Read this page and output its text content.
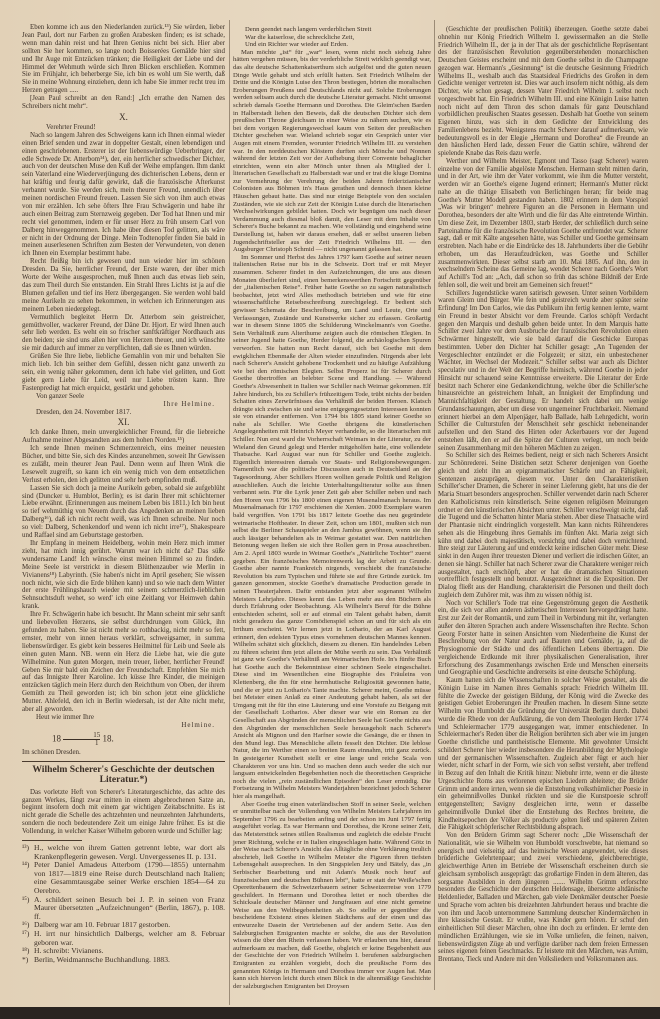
Eben komme ich aus den Niederlanden zurück.¹³) Sie würden, lieber Jean Paul, dort nur Farben zu großen Arabesken finden; es ist schade, wenn man dahin reist und hat Ihren Genius nicht bei sich. Hier aber sollten Sie her kommen, so lange noch Boisserées Gemälde hier sind und Ihr Auge mit Entzücken tränken; die Heiligkeit der Liebe und der Himmel der Wehmuth würde sich Ihren Blicken erschließen. Kommen Sie im Frühjahr, ich beherberge Sie, ich bin es wohl um Sie werth, daß Sie in meine Wohnung einziehen, denn ich habe Sie immer recht treu im Herzen getragen .....

[Jean Paul schreibt an den Rand:] „Ich errathe den Namen des Schreibers nicht mehr“.

X.

Verehrter Freund!

Nach so langem Jahren des Schweigens kann ich Ihnen einmal wieder einen Brief senden und zwar in doppelter Gestalt, einen lebendigen und einen geschriebenen. Ersterer ist der liebenswürdige Ueberbringer, der edle Schwede Dr. Atterbom¹⁴), der, ein herrlicher schwedischer Dichter, auch von der deutschen Muse den Kuß der Weihe empfangen. Ihm dankt sein Vaterland eine Wiederverjüngung des dichterischen Lebens, denn er hat kräftig und feurig dafür gewirkt, daß die französische Afterkunst verbannt wurde. Sie werden sich, mein theurer Freund, unendlich über meinen nordischen Freund freuen. Lassen Sie sich von ihm auch etwas von mir erzählen. Ich sehe öfters Ihre Frau Schwägerin und habe ihr auch einen Beitrag zum Sternzweig gegeben. Der Tod hat Ihnen und mir recht viel genommen, indem er für unser Herz zu früh unsern Carl von Dalberg hinweggenommen. Ich habe über diesen Tod gelitten, als wäre er nicht in der Ordnung der Dinge. Mein Todtenopfer finden Sie bald in meinen auserlesenen Schriften zum Besten der Verwundeten, von denen ich Ihnen ein Exemplar bestimmt habe.

Recht fleißig bin ich gewesen und nun wieder hier im schönen Dresden. Da Sie, herrlicher Freund, der Erste waren, der über mich Worte der Weihe ausgesprochen, muß Ihnen auch das etwas lieb sein, das zum Theil durch Sie entstanden. Ein Strahl Ihres Lichts ist ja auf die Blumen gefallen und tief ins Herz übergegangen. Sie werden wohl bald meine Aurikeln zu sehen bekommen, in welchen ich Erinnerungen aus meinem Leben niedergelegt.

Vermuthlich begleitet Herrn Dr. Atterbom sein geistreicher, gemüthvoller, wackerer Freund, der Däne Dr. Hjort. Er wird Ihnen auch sehr lieb werden. Es weht ein so frischer sanftkräftiger Nordhauch aus den beiden; sie sind uns allen hier von Herzen theuer, und ich wünschte sie mir dadurch auf immer zu verpflichten, daß sie es Ihnen würden.

Grüßen Sie Ihre liebe, liebliche Gemahlin von mir und behalten Sie mich lieb. Ich bin seither dem Gefühl, dessen nicht ganz unwerth zu sein, ein wenig näher gekommen, denn ich habe viel gelitten, und Gott giebt gern Liebe für Leid, weil nur Liebe trösten kann. Ihre Fastenpredigt hat mich erquickt, gestärkt und gehoben.

Von ganzer Seele

Ihre Helmine.

Dresden, den 24. November 1817.

XI.

Ich danke Ihnen, mein unvergleichlicher Freund, für die liebreiche Aufnahme meiner Abgesandten aus dem hohen Norden.¹⁵)

Ich sende Ihnen meinen Schmerzenreich, eins meiner neuesten Bücher, und bitte Sie, sich des Kindes anzunehmen, soweit Ihr Gewissen es zuläßt, mein theurer Jean Paul. Denn wenn auf Ihren Wink die Lesewelt zugreift, so kann ich ein wenig mich von dem entsetzlichen Verlust erholen, den ich gelitten und sehr herb empfinden muß.

Lassen Sie sich doch ja meine Aurikeln geben, sobald sie aufgeblüht sind (Duncker u. Humblot, Berlin); es ist darin Ihrer mit schüchterner Liebe erwähnt. (Erinnerungen aus meinem Leben bis 1811.) Ich bin heut so tief wehmüthig von Neuem durch das Angedenken an meinen lieben Dalberg¹⁶), daß ich nicht recht weiß, was ich Ihnen schreibe. Nur noch so viel: Dalberg, Schenkendorf und wenn ich nicht irre¹⁷), Shakespeare und Raffael sind am Geburtstage gestorben.

Ihr Empfang in meinem Heidelberg, wohin mein Herz mich immer zieht, hat mich innig gerührt. Warum war ich nicht da? Das süße wundersame Land! Ich wünsche einst meinen Himmel so zu finden. Meine Seele ist verstrickt in diesem Blüthenzauber wie Merlin in Vivianens¹⁸) Labyrinth. (Sie haben's nicht im April gesehen; Sie wissen noch nicht, wie sich die Erde blühen kann) und so wie nach dem Winter der erste Frühlingshauch wieder mit seinem schmerzlich-lieblichen Sehnsuchtsduft wehet, so werd' ich eine Zeitlang vor Heimweh dahin krank.

Ihre Fr. Schwägerin habe ich besucht. Ihr Mann scheint mir sehr sanft und liebevollen Herzens, sie selbst durchdrungen vom Glück, ihn gefunden zu haben. Sie ist nicht mehr so rothbackig, nicht mehr so fett, ernster, mehr von innen heraus verklärt, schweigsamer, in summa liebenswürdiger. Es giebt kein besseres Heilmittel für Leib und Seele als einen guten Mann. NB. wenn ein Herz die Liebe hat, wie die gute Wilhelmine. Nun guten Morgen, mein treuer, lieber, herrlicher Freund! Geben Sie mir bald ein Zeichen der Freundschaft. Empfehlen Sie mich auf das Innigste Ihrer Karoline. Ich küsse Ihre Kinder, die meinigen entzücken täglich mein Herz durch den Reichthum von Oben, der ihrem Gemüth zu Theil geworden ist; ich bin schon jetzt eine glückliche Mutter. Ahlefeld, den ich in Berlin wiedersah, ist der Alte nicht mehr, aber all geworden.

Heut wie immer Ihre

Helmine.

$18 \frac{15}{1} 18$.

Im schönen Dresden.

Wilhelm Scherer's Geschichte der deutschen Literatur.*)

Das vorletzte Heft von Scherer's Literaturgeschichte, das achte des ganzen Werkes, fängt zwar mitten in einem abgebrochenen Satze an, beginnt insofern doch mit einem gar wichtigen Zeitabschnitte. Es ist nicht gerade die Schelle des achtzehnten und neunzehnten Jahrhunderts, sondern die noch bedeutendere Zeit um einige Jahre früher. Es ist die Vollendung, in welcher Kaiser Wilhelm geboren wurde und Schiller lag:

¹³) H., welche von ihrem Gatten getrennt lebte, war dort als Krankenpflegerin gewesen. Vergl. Unvergessenes II. p. 131.

¹⁴) Peter Daniel Amadeus Atterbom (1790—1855) unternahm von 1817—1819 eine Reise durch Deutschland nach Italien; eine Gesammtausgabe seiner Werke erschien 1854—64 zu Oerebro.

¹⁵) A. schildert seinen Besuch bei J. P. in seinen von Franz Maurer übersetzten „Aufzeichnungen“ (Berlin, 1867), p. 108. ff.

¹⁶) Dalberg war am 10. Februar 1817 gestorben.

¹⁷) H. irrt nur hinsichtlich Dalbergs, welcher am 8. Februar geboren war.

¹⁸) H. schreibt: Vivianens.

*) Berlin, Weidmannsche Buchhandlung. 1883.

Denn geendet nach langem verderblichen Streit

War die kaiserlose, die schreckliche Zeit,

Und ein Richter war wieder auf Erden.

Man möchte „ist“ für „war“ lesen, wenn nicht noch siebzig Jahre hätten vergehen müssen, bis der verderbliche Streit wirklich geendigt war, das alte deutsche Schattenkaiserthum sich aufgelöst und die guten neuen Dinge Weile gehabt und sich erfüllt hatten. Seit Friedrich Wilhelm der Dritte und die Königin Luise den Thron bestiegen, hörten die moralischen Eroberungen Preußens und Deutschlands nicht auf. Solche Eroberungen werden seltsam auch durch die deutsche Literatur gemacht. Nicht umsonst schrieb damals Goethe Hermann und Dorothea. Die Gleim'schen Barden in Halberstadt liehen den Beweis, daß die deutschen Dichter sich dem preußischen Throne gleichsam in einer Weise zu nähern suchen, wie es bei dem vorigen Regierungswechsel kaum von Seiten der preußischen Dichter geschehen war. Wieland schrieb sogar ein Gespräch unter vier Augen mit einem Fremden, worunter Friedrich Wilhelm III. zu verstehen war. In den norddeutschen Klöstern durften sich Mönche und Nonnen während der letzten Zeit vor der Aufhebung ihrer Convente behaglicher einrichten, wenn ein alter Mönch unter ihnen als Mitglied der l. literarischen Gesellschaft zu Halberstadt war und er trat die kluge Domina zur Vermehrung der Verehrung der beiden Jahren friderizianischer Colonisten aus Böhmen in's Haus gerathen und dennoch ihnen kleine Häuschen gebaut hatte. Das sind nur einige Beispiele von den socialen Zuständen, wie sie sich zur Zeit der Königin Luise durch die literarischen Wechselwirkungen gebildet hatten. Doch wir begnügen uns nach dieser Verdammung auch diesmal bloß damit, den Leser mit dem Inhalte von Scherer's Buche bekannt zu machen. Wie vollständig und eingehend seine Darstellung ist, haben wir daraus ersehen, daß er selbst unseren lieben Jugendschriftsteller aus der Zeit Friedrich Wilhelms III. — den Augsburger Christoph Schmid — nicht ungenannt gelassen hat.

Im Sommer und Herbst des Jahres 1797 kam Goethe auf seiner neuen italienischen Reise nur bis in die Schweiz. Dort traf er mit Meyer zusammen. Scherer findet in den Aufzeichnungen, die uns aus diesen Monaten überliefert sind, einen bemerkenswerthen Fortschritt gegenüber der „italienischen Reise“. Früher hatte Goethe so zu sagen naturalistisch beobachtet, jetzt wird Alles methodisch betrieben und wie für eine wissenschaftliche Reisebeschreibung zurechtgelegt. Er bedient sich gewisser Schemata der Beschreibung, um Land und Leute, Orte und Verfassungen, Zustände und Kunstwerke sicher zu erfassen. Großartig war in diesem Sinne 1805 die Schilderung Winckelmann's von Goethe. Sein Verhältniß zum Alterthume zeigten auch die römischen Elegien. In seiner Jugend hatte Goethe, Herder folgend, die archäologischen Spuren verworfen. Sie hatten nun Recht darauf, sich bei Goethe mit dem ewigklichen Ebenmaße der Alten wieder einzufinden. Nirgends aber lebt nach Scherer's Ansicht gehobene Trockenheit und zu häufige Aufzählung wie bei den römischen Elegien. Selbst Properz ist für Scherer durch Goethe übertroffen an belebter Scene und Handlung. — Während Goethe's Abwesenheit in Italien war Schiller nach Weimar gekommen. Elf Jahre hindurch, bis zu Schiller's frühzeitigem Tode, trübt nichts der beiden Schatten eines Zerwürfnisses das Verhältniß der beiden Heroen. Klatsch drängte sich zwischen sie und seine entgegengesetzten Interessen konnten sie von einander entfernen. Von 1794 bis 1805 stand keiner Goethe so nahe als Schiller. Wie Goethe übrigens die künstlerischen Angelegenheiten mit Heinrich Meyer verhandelte, so die literarischen mit Schiller. Nun erst ward die Vorherrschaft Weimars in der Literatur, zu der Wieland den Grund gelegt und Herder mitgeholfen hatte, eine vollendete Thatsache. Karl August war nun für Schiller und Goethe zugleich. Eigentlich interessiren damals vor Staats- und Religionsbewegungen. Namentlich war die politische Discussion auch in Deutschland an der Tagesordnung. Aber Schillers Horen wollten gerade Politik und Religion ausschließen. Auch die leichte Unterhaltungsliteratur sollte aus ihnen verbannt sein. Für die Lyrik jener Zeit gab aber Schiller neben und nach den Horen von 1796 bis 1800 einen eigenen Musenalmanach heraus. Im Musenalmanach für 1797 erschienen die Xenien. 2000 Exemplare waren bald vergriffen. Von 1791 bis 1817 leitete Goethe das neu gegründete weimarische Hoftheater. In dieser Zeit, schon um 1801, mußten sich nun selbst die Berliner Schauspieler an den Jambus gewöhnen, wenn sie ihn auch lässiger behandelten als in Weimar gestattet war. Den natürlichen Betonung wegen ließen sie sich ihre Rollen gern in Prosa ausschreiben. Am 2. April 1803 wurde in Weimar Goethe's „Natürliche Tochter“ zuerst gegeben. Ein französisches Memoirenwerk lag der Arbeit zu Grunde. Goethe aber nannte Frankreich nirgends, verschiebt die französische Revolution bis zum Typischen und führte sie auf ihre Gründe zurück. Im ganzen genommen, stockte Goethe's dramatische Production gerade in seinen Theaterjahren. Dafür entstanden jetzt aber sogenannt Wilhelm Meisters Lehrjahre. Dieses kennt das Leben mehr aus den Büchern als durch Erfahrung oder Beobachtung. Als Wilhelm's Beruf für die Bühne entschieden scheint, soll er auf einmal ein Talent gehabt haben, damit nicht geradezu das ganze Comödienspiel schon an und für sich als ein Irrthum erscheint. Wir lernen jetzt in Lothario, der an Karl August erinnert, den edelsten Typus eines vornehmen deutschen Mannes kennen. Wilhelm schätzt sich glücklich, diesem zu dienen. Ein handelndes Leben zu führen scheint ihm jetzt allein der Mühe werth zu sein. Das Verhältniß ist ganz wie Goethe's Verhältniß am Weimarischen Hofe. In's fünfte Buch hat Goethe auch die Bekenntnisse einer schönen Seele eingeschaltet. Diese sind im Wesentlichen eine Biographie des Fräuleins von Klettenberg, die ihn für eine herrnhutische Religiosität gewonnen hatte, und die er jetzt zu Lothario's Tante machte. Scherer meint, Goethe müsse bei Meister einen Anlaß zu einer Andeutung gehabt haben, als sei der Umgang mit ihr für ihn eine Läuterung und eine Vorstufe zu Beigang mit der Gesellschaft Lotharios. Aber dieser war wie ein Roman zu der Gesellschaft aus Abgründen der menschlichen Seele hat Goethe nichts aus den Abgründen der menschlichen Seele herausgeholt nach Scherer's Ansicht als Mignon und den Harfner sowie die Gesänge, die er ihnen in den Mund legt. Das Menschliche allein fesselt den Dichter. Die leblose Natur, die im Werther einen so breiten Raum einnahm, tritt ganz zurück. In gesteigerter Kunstheit stellt er eine lange und reiche Scala von Charakteren vor uns hin. Und so machen denn auch weder die sich nur langsam entwickelnden Begebenheiten noch die theoretischen Gespräche noch die vielen „rein zuständlichen Episoden“ den Leser ermüdig. Die Fortsetzung in Wilhelm Meisters Wanderjahren bezeichnet jedoch Scherer hier als mangelhaft.

Aber Goethe trug einen vaterländischen Stoff in seiner Seele, welchen er unmittelbar nach der Vollendung von Wilhelm Meisters Lehrjahren im September 1796 zu bearbeiten anfing und der schon im Juni 1797 fertig ausgeführt vorlag. Es war Hermann und Dorothea, die Krone seiner Zeit, das Meisterstück seines stillen Realismus und zugleich die edelste Frucht jener Richtung, welche er in Italien eingeschlagen hatte. Während Götz in der Weise nach Scherer's Ansicht das Alltägliche ohne Verklärung treulich abschrieb, ließ Goethe in Wilhelm Meister die Figuren ihren tiefsten Lebensgehalt aussprechen. In den Singspielen Jery und Bätely, das „in Serbischer Bearbeitung und mit Adam's Musik noch heut' auf französischen und deutschen Bühnen lebt“, hatte er statt der Weiße'schen Operettenbauern die Schweizerbauern seiner Schweizerreise von 1779 geschildert. In Hermann und Dorothea leitet er noch überdies die Schicksale deutscher Männer und Jungfrauen auf eine nicht gemeine Weise aus den Weltbegebenheiten ab. So stellte er gegenüber die bescheidene Existenz eines kleinen Städtchens auf der einen und das entwurzelte Dasein der Vertriebenen auf der andern Seite. Aus den Salzburgischen Emigranten machte er solche, die aus der Revolution wissen die über den Rhein verlassen haben. Wir erlauben uns hier, darauf aufmerksam zu machen, daß Goethe, obgleich er keine Begebenheit aus der Geschichte der von Friedrich Wilhelm I. berufenen salzburgischen Emigranten zu erzählen vorgiebt, doch die preußische Form des genannten Königs in Hermann und Dorothea immer vor Augen hat. Man kann sich hiervon leicht durch einen Blick in die altenmäßige Geschichte der salzburgischen Emigranten bei Droysen

(Geschichte der preußischen Politik) überzeugen. Goethe setzte dabei ohnehin nur König Friedrich Wilhelm I. gewissermaßen an die Stelle Friedrich Wilhelm II., der ja in der That als der geschichtliche Repräsentant des der französischen Revolution gegenüberstehenden monarchischen Deutschen Geistes erscheint und mit dem Goethe selbst in die Champagne gezogen war. Hermann's „Gesinnung“ ist die deutsche Gesinnung Friedrich Wilhelms II., weshalb auch das Staatsideal Friedrichs des Großen in dem Gedichte weniger vertreten ist. Dies war auch insofern nicht nöthig, als dem Dichter, wie schon gesagt, dessen Vater Friedrich Wilhelm I. selbst noch vorgeschwebt hat. Ein Friedrich Wilhelm III. und eine Königin Luise hatten noch nicht auf dem Thron des schon damals für ganz Deutschland vorbildlichen preußischen Staates gesessen. Deshalb hat Goethe von seinem Eigenen hinzu, was sich in dem Gedichte der Entwicklung des Familienlebens bezieht. Wenigstens macht Scherer darauf aufmerksam, wie bedeutungsvoll es in der Elegie „Hermann und Dorothea“ die Freunde an den häuslichen Herd lade, dessen Feuer die Gattin schüre, während der spielende Knabe das Reis dazu werfe.

Werther und Wilhelm Meister, Egmont und Tasso (sagt Scherer) waren einzelne von der Familie abgelöste Menschen. Hermann steht mitten darin, und in der Art, wie ihm der Vater vorkommt, wie ihm die Mutter versteht, werden wir an Goethe's eigene Jugend erinnert; Hermann's Mutter rückt nahe an die thätige Elisabeth von Berlichingen heran; für beide mag Goethe's Mutter Modell gestanden haben. 1802 erinnern in dem Vorspiel „Was wir bringen“ mehrere Figuren an die Personen in Hermann und Dorothea, besonders der alte Wirth und die für das Alte eintretende Wirthin. Um diese Zeit, im Dezember 1803, starb Herder, der schließlich durch seine Parteinahme für die französische Revolution Goethe entfremdet war. Scherer sagt, daß er mit Kälte angesehen hätte, was Schiller und Goethe gemeinsam erstrebten. Nach habe er die Eindrücke des 18. Jahrhunderts über die Gebühr erhoben, um das Heraufzudrücken, was Goethe und Schiller zusammenwirkten. Dieser selbst starb am 10. Mai 1805. Auf ihn, den in wechselndem Scheine das Gemeine lag, wendet Scherer nach Goethe's Wort auf Achill's Tod an: „Ach, daß schon so früh das schöne Bildniß der Erde fehlen soll, die weit und breit am Gemeinen sich freuet!“

Schillers Jugendstücke waren satirisch gewesen. Unter seinen Vorbildern waren Gleim und Bürger. Wie fein und geistreich wurde aber später seine Erfindung! Im Don Carlos, wie das Publikum ihn fertig kennen lernte, warnt ein Freund in bester Absicht vor dem Freunde. Carlos schöpft Verdacht gegen den Marquis und deshalb gehen beide unter. In dem Marquis hatte Schiller zwei Jahre vor dem Ausbruche der französischen Revolution einen Schwärmer hingestellt, wie sie bald darauf die Geschicke Europas bestimmten. Ueber den Dichter hat Schiller gesagt: „An Tugenden der Vergeschlechter entzündet er die Folgezeit; er sitzt, ein unbestechener Wächter, im Wechsel der Modezeit.“ Schiller selbst war auch als Dichter speculativ und in der Welt der Begriffe heimisch, während Goethe in jeder Hinsicht nur schauend seine Kenntnisse erweiterte. Die Literatur der Erde besitzt nach Scherer eine Gedankendichtung, welche über die Schiller'sche hinausreichte an geistreichem Inhalt, an Innigkeit der Empfindung und Mannichfaltigkeit der Gestaltung. Er handelt sich dabei um wenige Grundanschauungen, aber um diese von ungemeiner Fruchtbarkeit. Niemand erinnert hierbei an dem Alpenjäger, halb Ballade, halb Lehrgedicht, worin Schiller die Culturstufen der Menschheit sehr geschickt nebeneinander aufstellen und den Stand des Hirten oder Ackerbauers vor der Jugend entstehen läßt, den er auf die Spitze der Culturen verlegt, um noch beide seinen Zusammenhang mit den höheren Mächten zu zeigen.

So Schiller sich des Reimes bedient, neigt er sich nach Scherers Ansicht zur Schönrederei. Seine Distichen setzt Scherer denjenigen von Goethe gleich und zieht ihn an epigrammatischer Schärfe und an Fähigkeit, Sentenzen auszuprägen, diesem vor. Unter den Charakteristiken Schiller'scher Dramen, die Scherer in seiner Lieferung giebt, hat uns die der Maria Stuart besonders angesprochen. Schiller verwendet darin nach Scherer den Katholicismus rein künstlerisch. Seine eigenen religiösen Meinungen ordnet er den künstlerischen Absichten unter. Schiller verschweigt nicht, daß die Tugend und die Schatten hinter Maria stehen. Aber diese Thatsache wird der Phantasie nicht eindringlich vorgestellt. Man kann nichts Rührenderes sehen als die Hingebung ihres Gemahls im fünften Akt. Maria zeigt sich kühn und dabei doch majestätisch, vorsichtig und dabei doch vernichtend. Ihre steigt zur Läuterung auf und entdeckt keine irdischen Güter mehr. Diese sinkt in den Augen ihrer treuesten Diener und verliert die irdischen Güter, an denen sie hängt. Schiller hat nach Scherer zwar die Charaktere weniger reich ausgestaltet, nach erschöpft, aber er hat die dramatischen Situationen vortrefflich festgestellt und benutzt. Ausgezeichnet ist die Exposition. Der Dialog fließt aus der Handlung, charakterisirt die Personen und theilt doch zugleich dem Zuhörer mit, was ihm zu wissen nöthig ist.

Noch vor Schiller's Tode trat eine Gegenströmung gegen die Aesthetik ein, die sich vor allen anderen ästhetischen Interessen hervorgedrängt hatte. Erst zur Zeit der Romantik, und zum Theil in Verbindung mit ihr, verlangten außer den älteren Sprachen auch andere Wissenschaften ihre Rechte. Schon Georg Forster hatte in seinen Ansichten vom Niederrheine die Kunst der Beschreibung von der Natur auch auf Bauten und Gemälde, ja, auf die Physiognomie der Städte und des öffentlichen Lebens übertragen. Die vergleichende Erdkunde mit ihrer physikalischen Generalisation, ihrer Erforschung des Zusammenhangs zwischen Erde und Menschen einerseits und Geographie und Geschichte andrerseits ist eine deutsche Schöpfung.

Kaum hatten sich die Wissenschaften in solcher Weise gestaltet, als die Königin Luise im Namen ihres Gemahls sprach: Friedrich Wilhelm III. fühlte die Zwecke der geistigen Bildung, der König wird die Zwecke des geistigen Gebiet Eroberungen ihr Preußen machen. In diesem Sinne setzte Wilhelm von Humboldt die Gründung der Universität Berlin durch. Dabei wurde die Rhede von der Aufklärung, die von dem Theologen Herder 1774 und Schleiermacher 1779 ausgegangen war, immer entschiedener. In Schleiermacher's Reden über die Religion berührten sich aber wie im jungen Goethe christliche und pantheistische Elemente. Mit gewohnter Umsicht schildert Scherer hier wieder insbesondere die Heranbildung der Mythologie und der germanischen Wissenschaften. Zugleich aber fügt er auch hier wieder, nicht scharf in der Form, wie sich von selbst versteht, aber treffend in Bezug auf den Inhalt die Kritik hinzu: Niebuhr irrte, wenn er die älteste Urgeschichte Roms aus verlorenen epischen Liedern ableitete; die Brüder Grimm und andere irrten, wenn sie die Entstehung volksthümlicher Poesie in ein geheimnißvolles Dunkel rückten und sie die Kunstpoesie schroff entgegenstellten; Savigny desgleichen irrte, wenn er dasselbe geheimnißvolle Dunkel über die Entstehung des Rechtes breitete, die Kindheitsepochen der Völker als productiv gelten ließ und späteren Zeiten die Fähigkeit schöpferischer Rechtsbildung absprach.

Von den Brüdern Grimm sagt Scherer noch: „Die Wissenschaft der Nationalität, wie sie Wilhelm von Humboldt vorschwebte, hat niemand so energisch und vielseitig auf das heimische Wesen angewendet, wie dieses brüderliche Gelehrtenpaar; und zwei verschiedene, gleichberechtigte, gleichwerthige Arten im Betriebe der Wissenschaft erscheinen durch sie gleichsam symbolisch ausgeprägt: das großartige Finden in dem älteren, das sorgsame Ausbilden in dem jüngeren ....... Wilhelm Grimm erforschte besonders die Geschichte der deutschen Heldensage, übersetzte altdänische Heldenlieder, Balladen und Märchen, gab viele Denkmäler deutscher Poesie und Sprache vom achten bis dreizehnten Jahrhundert heraus und brachte die von ihm und Jacob unternommene Sammlung deutscher Kindermärchen in ihre klassische Gestalt. Er wußte, was Kinder gern hören. Er schuf den einheitlichen Stil dieser Märchen, ohne ihn doch zu erfinden. Er lernte den mündlichen Erzählungen, wie sie im Volke umliefen, die feinen, naiven, liebenswürdigsten Züge ab und verfügte darüber nach dem freien Ermessen seines eigenen feinen Geschmacks. Er leistete mit den Märchen, was Arnim, Brentano, Tieck und Andere mit den Volksliedern und Volksromanen aus.
